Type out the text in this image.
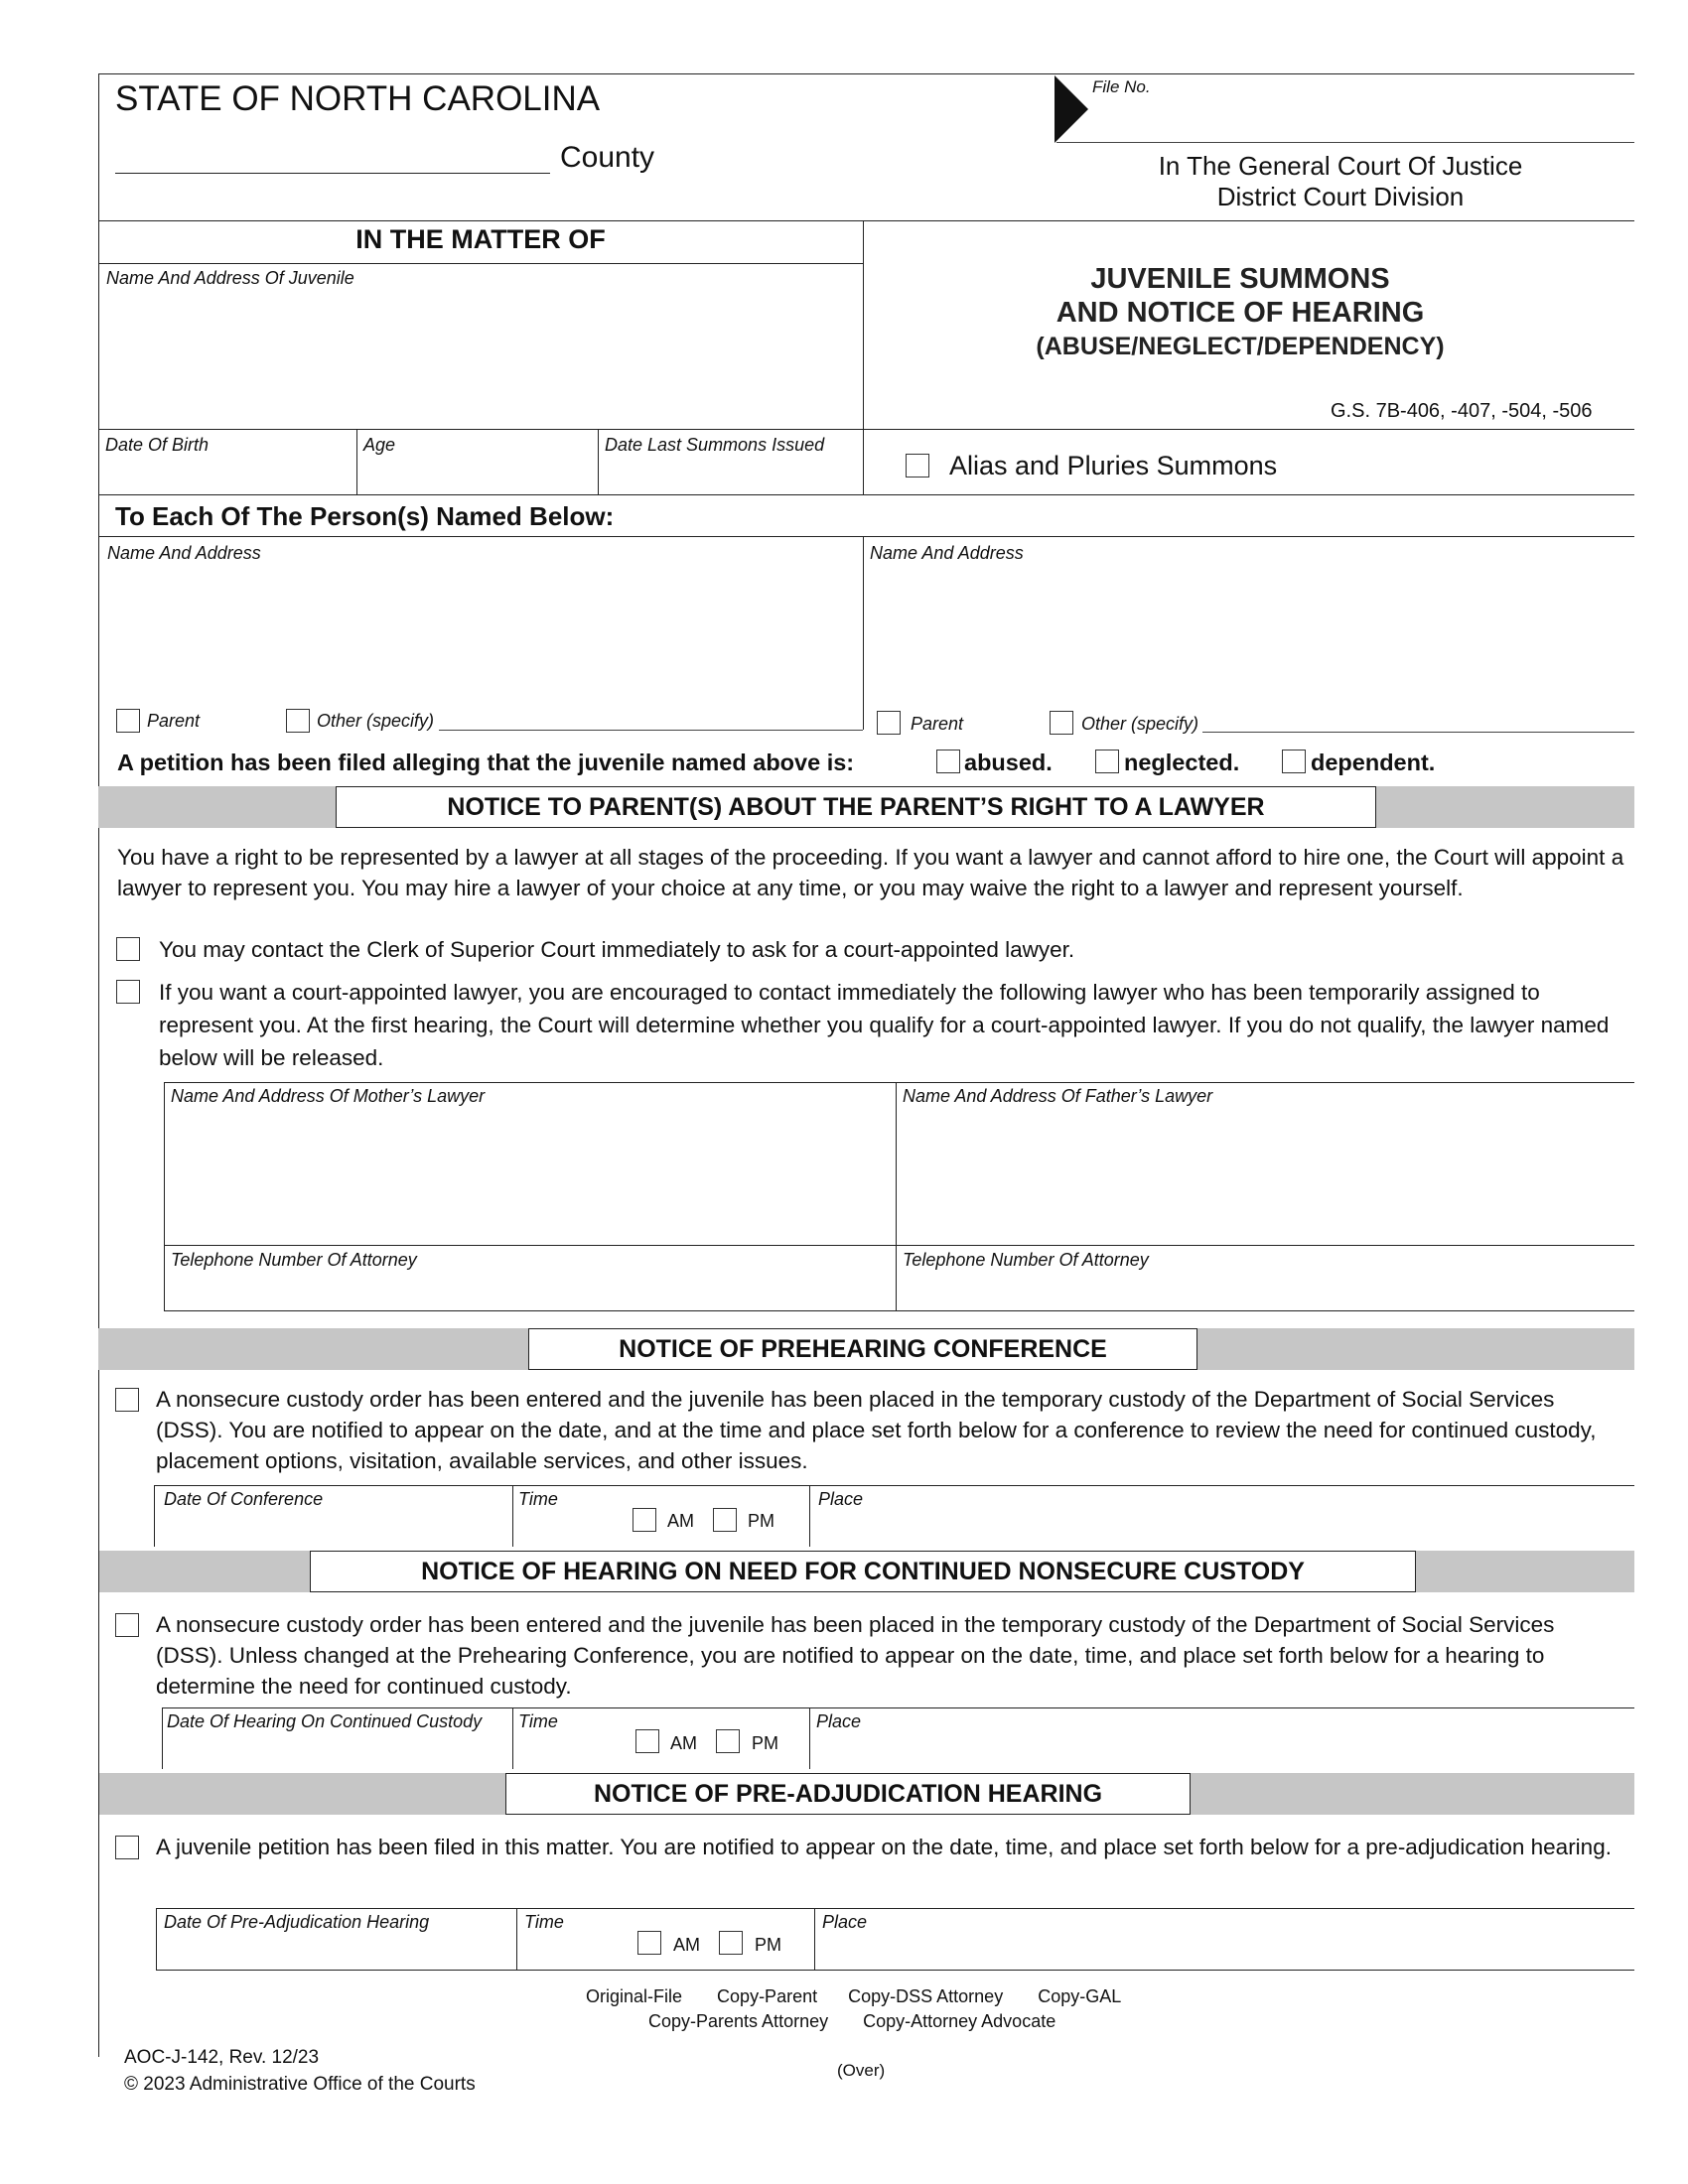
STATE OF NORTH CAROLINA
County
File No.
In The General Court Of Justice
District Court Division
IN THE MATTER OF
Name And Address Of Juvenile
Date Of Birth	Age	Date Last Summons Issued
JUVENILE SUMMONS
AND NOTICE OF HEARING
(ABUSE/NEGLECT/DEPENDENCY)
G.S. 7B-406, -407, -504, -506
Alias and Pluries Summons
To Each Of The Person(s) Named Below:
Name And Address	Name And Address
Parent	Other (specify)	Parent	Other (specify)
A petition has been filed alleging that the juvenile named above is:	abused.	neglected.	dependent.
NOTICE TO PARENT(S) ABOUT THE PARENT’S RIGHT TO A LAWYER
You have a right to be represented by a lawyer at all stages of the proceeding. If you want a lawyer and cannot afford to hire one, the Court will appoint a lawyer to represent you. You may hire a lawyer of your choice at any time, or you may waive the right to a lawyer and represent yourself.
You may contact the Clerk of Superior Court immediately to ask for a court-appointed lawyer.
If you want a court-appointed lawyer, you are encouraged to contact immediately the following lawyer who has been temporarily assigned to represent you. At the first hearing, the Court will determine whether you qualify for a court-appointed lawyer. If you do not qualify, the lawyer named below will be released.
Name And Address Of Mother’s Lawyer	Name And Address Of Father’s Lawyer
Telephone Number Of Attorney	Telephone Number Of Attorney
NOTICE OF PREHEARING CONFERENCE
A nonsecure custody order has been entered and the juvenile has been placed in the temporary custody of the Department of Social Services (DSS). You are notified to appear on the date, and at the time and place set forth below for a conference to review the need for continued custody, placement options, visitation, available services, and other issues.
Date Of Conference	Time
AM	PM
Place
NOTICE OF HEARING ON NEED FOR CONTINUED NONSECURE CUSTODY
A nonsecure custody order has been entered and the juvenile has been placed in the temporary custody of the Department of Social Services (DSS). Unless changed at the Prehearing Conference, you are notified to appear on the date, time, and place set forth below for a hearing to determine the need for continued custody.
Date Of Hearing On Continued Custody Time
AM	PM
Place
NOTICE OF PRE-ADJUDICATION HEARING
A juvenile petition has been filed in this matter. You are notified to appear on the date, time, and place set forth below for a pre-adjudication hearing.
Date Of Pre-Adjudication Hearing	Time
AM	PM
Place
Original-File Copy-Parent Copy-DSS Attorney Copy-GAL
Copy-Parents Attorney Copy-Attorney Advocate
AOC-J-142, Rev. 12/23
© 2023 Administrative Office of the Courts
(Over)
